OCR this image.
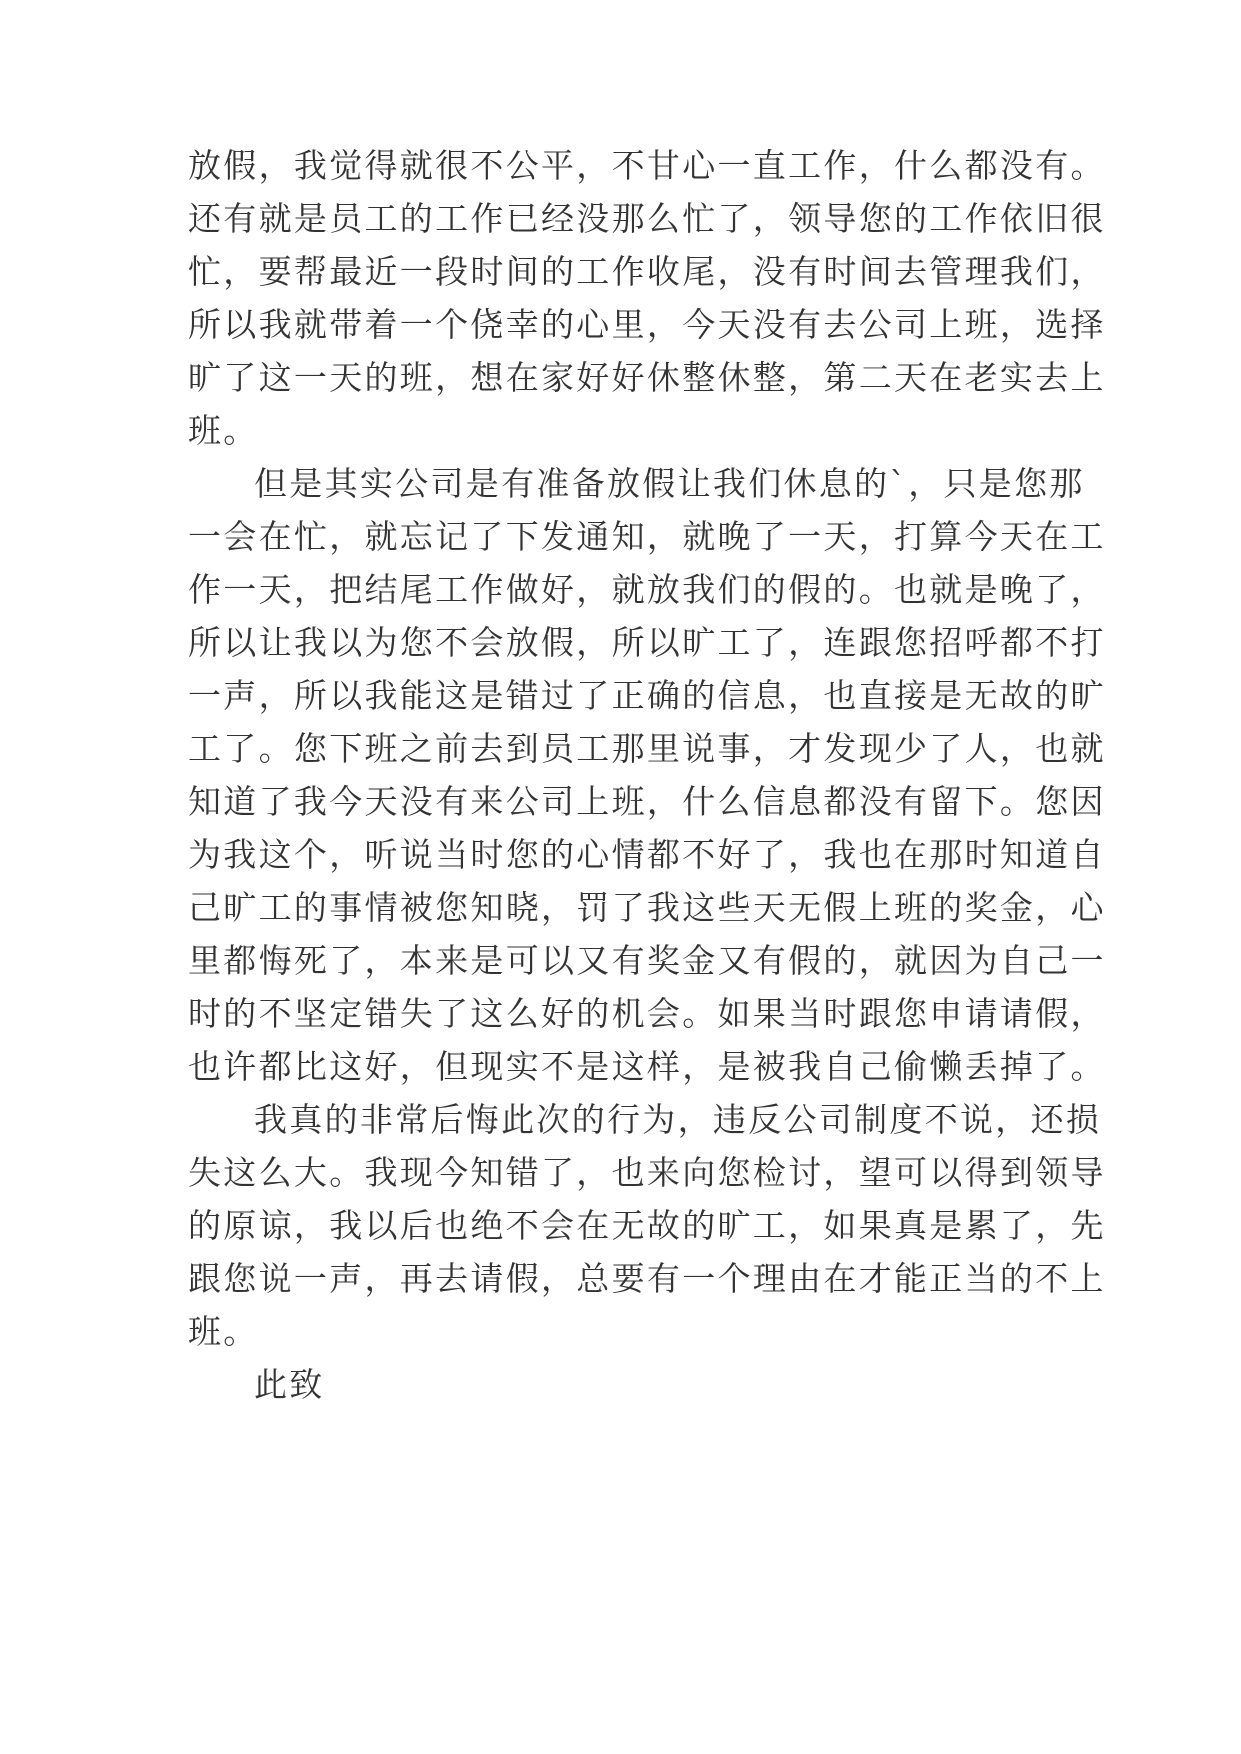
放假，我觉得就很不公平，不甘心一直工作，什么都没有。
还有就是员工的工作已经没那么忙了，领导您的工作依旧很
忙，要帮最近一段时间的工作收尾，没有时间去管理我们，
所以我就带着一个侥幸的心里，今天没有去公司上班，选择
旷了这一天的班，想在家好好休整休整，第二天在老实去上
班。
但是其实公司是有准备放假让我们休息的`，只是您那
一会在忙，就忘记了下发通知，就晚了一天，打算今天在工
作一天，把结尾工作做好，就放我们的假的。也就是晚了，
所以让我以为您不会放假，所以旷工了，连跟您招呼都不打
一声，所以我能这是错过了正确的信息，也直接是无故的旷
工了。您下班之前去到员工那里说事，才发现少了人，也就
知道了我今天没有来公司上班，什么信息都没有留下。您因
为我这个，听说当时您的心情都不好了，我也在那时知道自
己旷工的事情被您知晓，罚了我这些天无假上班的奖金，心
里都悔死了，本来是可以又有奖金又有假的，就因为自己一
时的不坚定错失了这么好的机会。如果当时跟您申请请假，
也许都比这好，但现实不是这样，是被我自己偷懒丢掉了。
我真的非常后悔此次的行为，违反公司制度不说，还损
失这么大。我现今知错了，也来向您检讨，望可以得到领导
的原谅，我以后也绝不会在无故的旷工，如果真是累了，先
跟您说一声，再去请假，总要有一个理由在才能正当的不上
班。
此致
